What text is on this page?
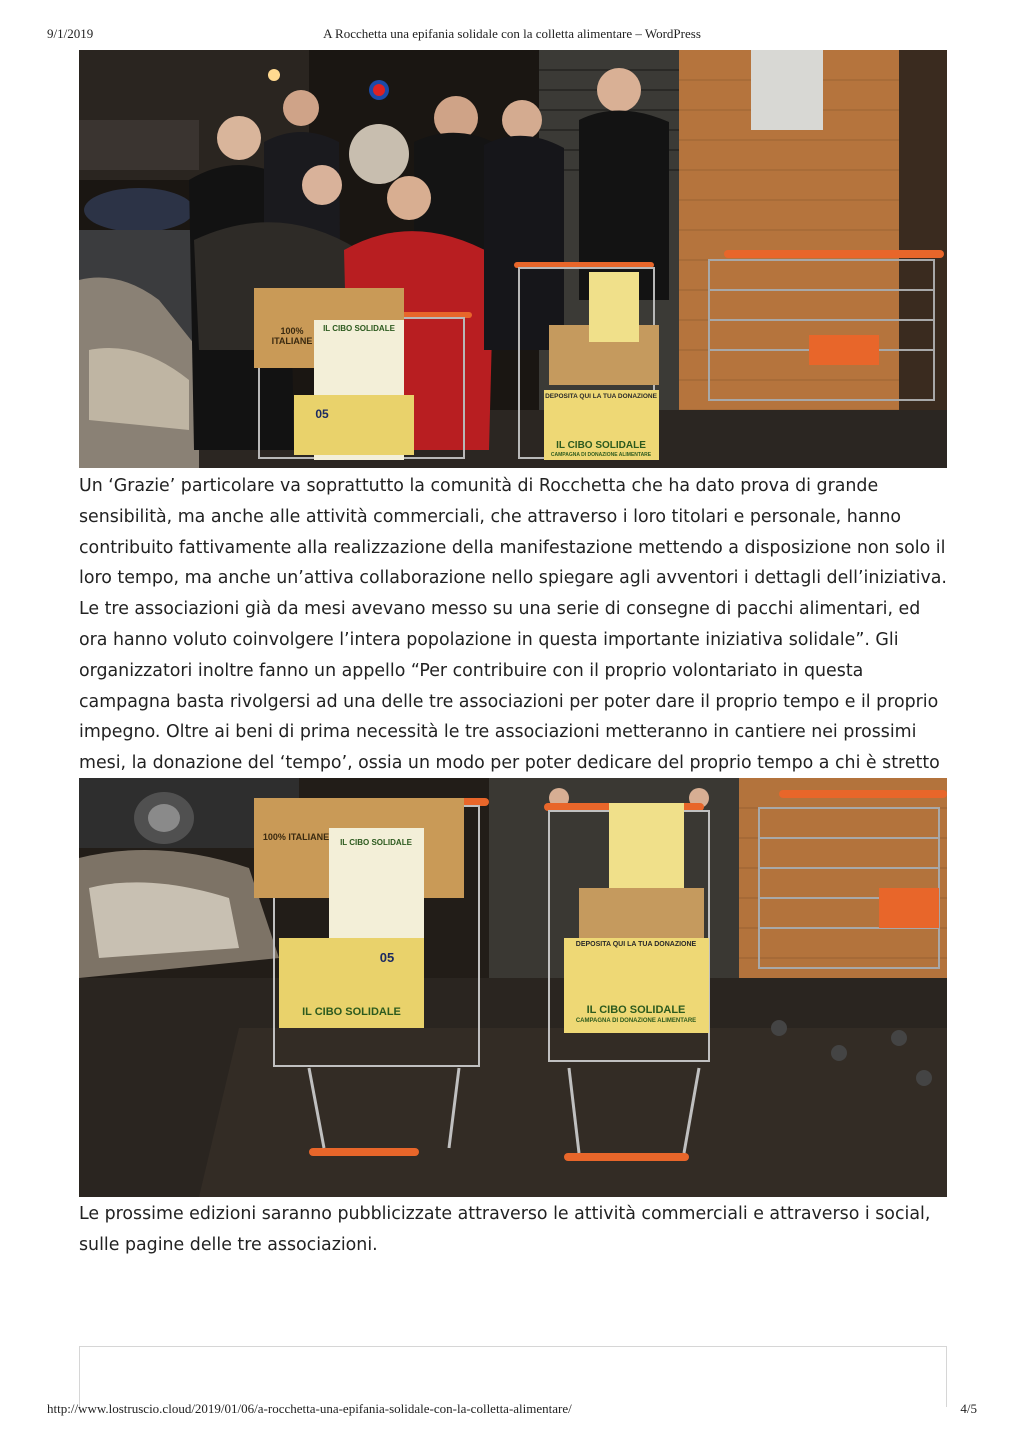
9/1/2019	A Rocchetta una epifania solidale con la colletta alimentare – WordPress
100% ITALIANE
IL CIBO SOLIDALE
05
DEPOSITA QUI LA TUA DONAZIONE
IL CIBO SOLIDALE
CAMPAGNA DI DONAZIONE ALIMENTARE

Un ‘Grazie’ particolare va soprattutto la comunità di Rocchetta che ha dato prova di grande sensibilità, ma anche alle attività commerciali, che attraverso i loro titolari e personale, hanno contribuito fattivamente alla realizzazione della manifestazione mettendo a disposizione non solo il loro tempo, ma anche un’attiva collaborazione nello spiegare agli avventori i dettagli dell’iniziativa. Le tre associazioni già da mesi avevano messo su una serie di consegne di pacchi alimentari, ed ora hanno voluto coinvolgere l’intera popolazione in questa importante iniziativa solidale”. Gli organizzatori inoltre fanno un appello “Per contribuire con il proprio volontariato in questa campagna basta rivolgersi ad una delle tre associazioni per poter dare il proprio tempo e il proprio impegno. Oltre ai beni di prima necessità le tre associazioni metteranno in cantiere nei prossimi mesi, la donazione del ‘tempo’, ossia un modo per poter dedicare del proprio tempo a chi è stretto

100% ITALIANE
IL CIBO SOLIDALE
05
IL CIBO SOLIDALE
DEPOSITA QUI LA TUA DONAZIONE
IL CIBO SOLIDALE
CAMPAGNA DI DONAZIONE ALIMENTARE

Le prossime edizioni saranno pubblicizzate attraverso le attività commerciali e attraverso i social, sulle pagine delle tre associazioni.

http://www.lostruscio.cloud/2019/01/06/a-rocchetta-una-epifania-solidale-con-la-colletta-alimentare/	4/5
